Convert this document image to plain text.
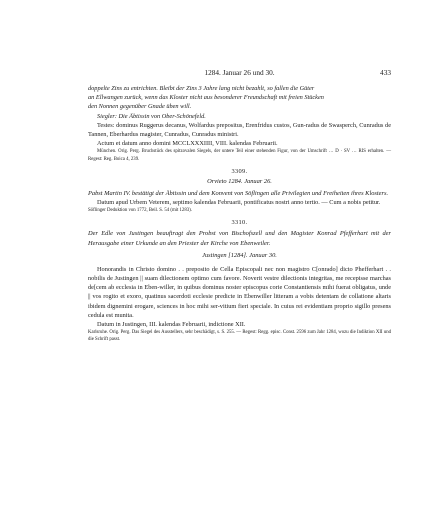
1284. Januar 26 und 30.	433

doppelte Zins zu entrichten. Bleibt der Zins 3 Jahre lang nicht bezahlt, so fallen die Güter

an Ellwangen zurück, wenn das Kloster nicht aus besonderer Freundschaft mit freien Stücken

den Nonnen gegenüber Gnade üben will.

Siegler: Die Äbtissin von Ober-Schönefeld.

Testes: dominus Ruggerus decanus, Wolfardus prepositus, Erenfridus custos, Gun-radus de Swasperch, Cunradus de Tannen, Eberhardus magister, Cunradus, Cunradus ministri.

Actum et datum anno domini MCCLXXXIIII, VIII. kalendas Februarii.

München. Orig. Perg. Bruchstück des spitzovalen Siegels, der untere Teil einer stehenden Figur, von der Umschrift … D · SV … RIS erhalten. — Regest: Reg. Boica 4, 239.

3309.

Orvieto 1284. Januar 26.

Pabst Martin IV. bestätigt der Äbtissin und dem Konvent von Söflingen alle Privilegien und Freiheiten ihres Klosters.

Datum apud Urbem Veterem, septimo kalendas Februarii, pontificatus nostri anno tertio. — Cum a nobis petitur.

Söflinger Deduktion von 1772, Beil. S. 54 (mit 1283).

3310.

Der Edle von Justingen beauftragt den Probst von Bischofszell und den Magister Konrad Pfefferhart mit der Herausgabe einer Urkunde an den Priester der Kirche von Ebenweiler.

Justingen [1284]. Januar 30.

Honorandis in Christo domino . . preposito de Cella Episcopali nec non magistro C[onrado] dicto Phefferhart . . nobilis de Justingen || suam dilectionem optimo cum favore. Noverit vestre dilectionis integritas, me recepisse marchas de[cem ab ecclesia in Eben-willer, in quibus dominus noster episcopus corie Constantiensis mihi fuerat obligatus, unde || vos rogito et exoro, quatinus sacerdoti ecclesie predicte in Ebenwiller litteram a vobis detentam de collatione altaris ibidem dignemini erogare, sciences in hoc mihi ser-vitium fieri speciale. In cuius rei evidentiam proprio sigillo presens cedula est munita.

Datum in Justingen, III. kalendas Februarii, indictione XII.

Karlsruhe. Orig. Perg. Das Siegel des Ausstellers, sehr beschädigt, s. S. 255. — Regest: Regg. episc. Const. 2596 zum Jahr 1284, wozu die Indiktion XII und die Schrift passt.
